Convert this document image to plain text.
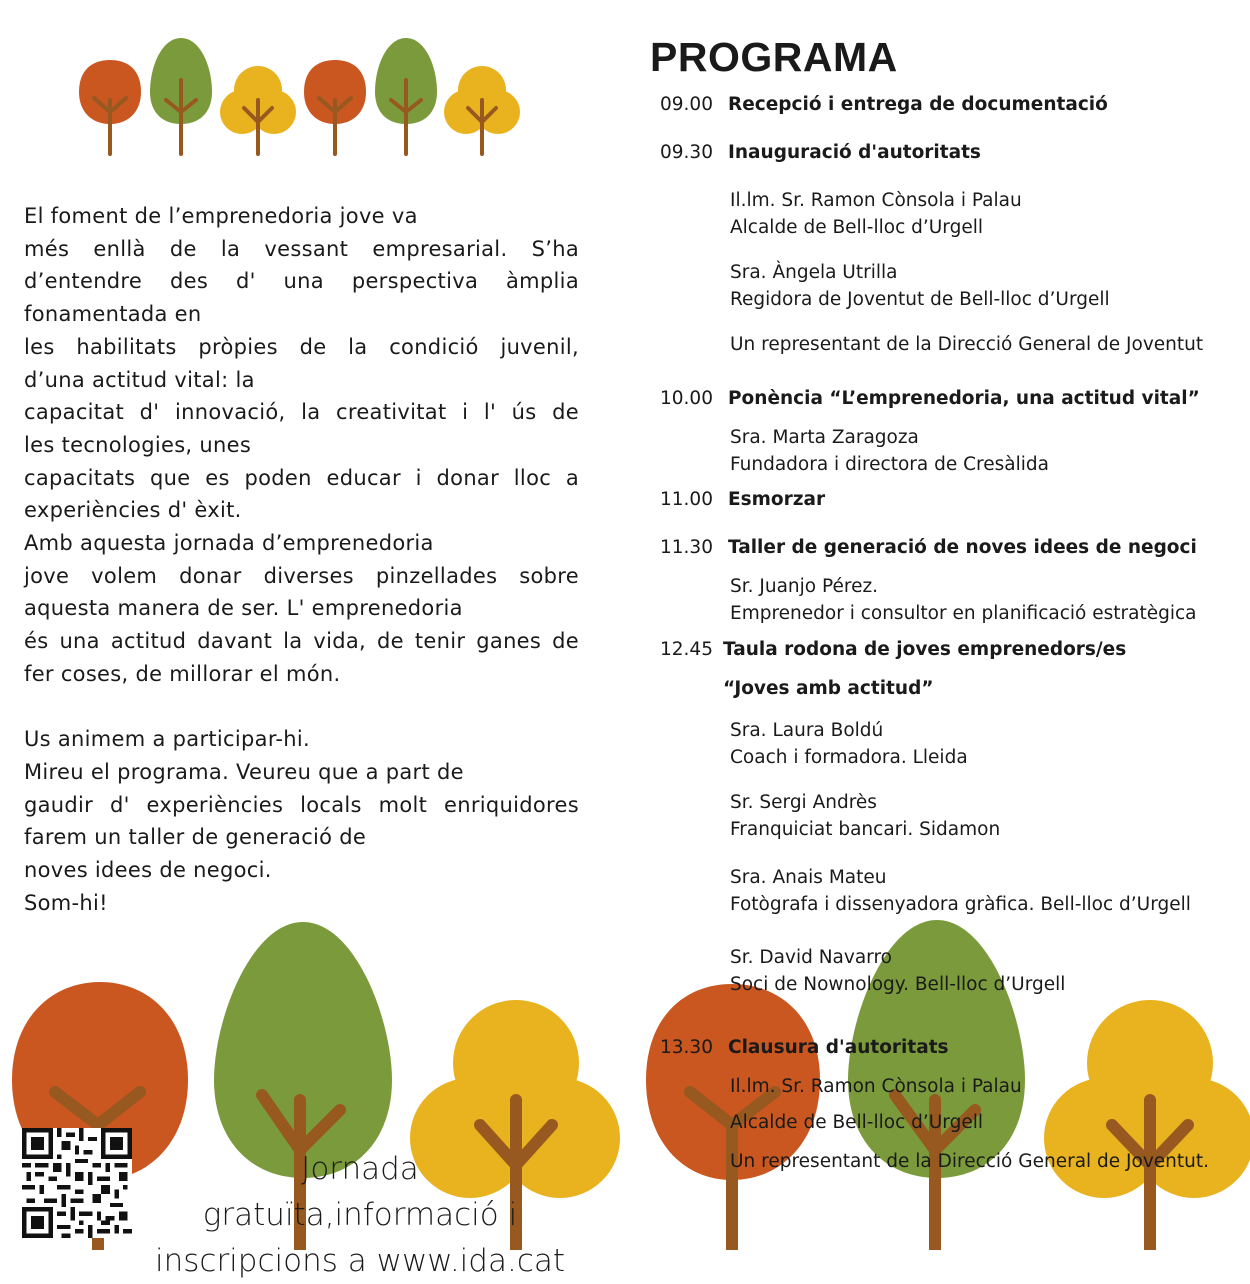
El foment de l’emprenedoria jove va
més enllà de la vessant empresarial. S’ha
d’entendre des d' una perspectiva àmplia
fonamentada en
les habilitats pròpies de la condició juvenil,
d’una actitud vital: la
capacitat d' innovació, la creativitat i l' ús de
les tecnologies, unes
capacitats que es poden educar i donar lloc a
experiències d' èxit.
Amb aquesta jornada d’emprenedoria
jove volem donar diverses pinzellades sobre
aquesta manera de ser. L' emprenedoria
és una actitud davant la vida, de tenir ganes de
fer coses, de millorar el món.
Us animem a participar-hi.
Mireu el programa. Veureu que a part de
gaudir d' experiències locals molt enriquidores
farem un taller de generació de
noves idees de negoci.
Som-hi!
PROGRAMA
09.00 Recepció i entrega de documentació
09.30 Inauguració d'autoritats
Il.lm. Sr. Ramon Cònsola i Palau
Alcalde de Bell-lloc d’Urgell
Sra. Àngela Utrilla
Regidora de Joventut de Bell-lloc d’Urgell
Un representant de la Direcció General de Joventut
10.00 Ponència “L’emprenedoria, una actitud vital”
Sra. Marta Zaragoza
Fundadora i directora de Cresàlida
11.00 Esmorzar
11.30 Taller de generació de noves idees de negoci
Sr. Juanjo Pérez.
Emprenedor i consultor en planificació estratègica
12.45 Taula rodona de joves emprenedors/es
“Joves amb actitud”
Sra. Laura Boldú
Coach i formadora. Lleida
Sr. Sergi Andrès
Franquiciat bancari. Sidamon
Sra. Anais Mateu
Fotògrafa i dissenyadora gràfica. Bell-lloc d’Urgell
Sr. David Navarro
Soci de Nownology. Bell-lloc d’Urgell
13.30 Clausura d'autoritats
Il.lm. Sr. Ramon Cònsola i Palau
Alcalde de Bell-lloc d’Urgell
Un representant de la Direcció General de Joventut.
Jornada gratuïta,informació i
inscripcions a www.ida.cat
